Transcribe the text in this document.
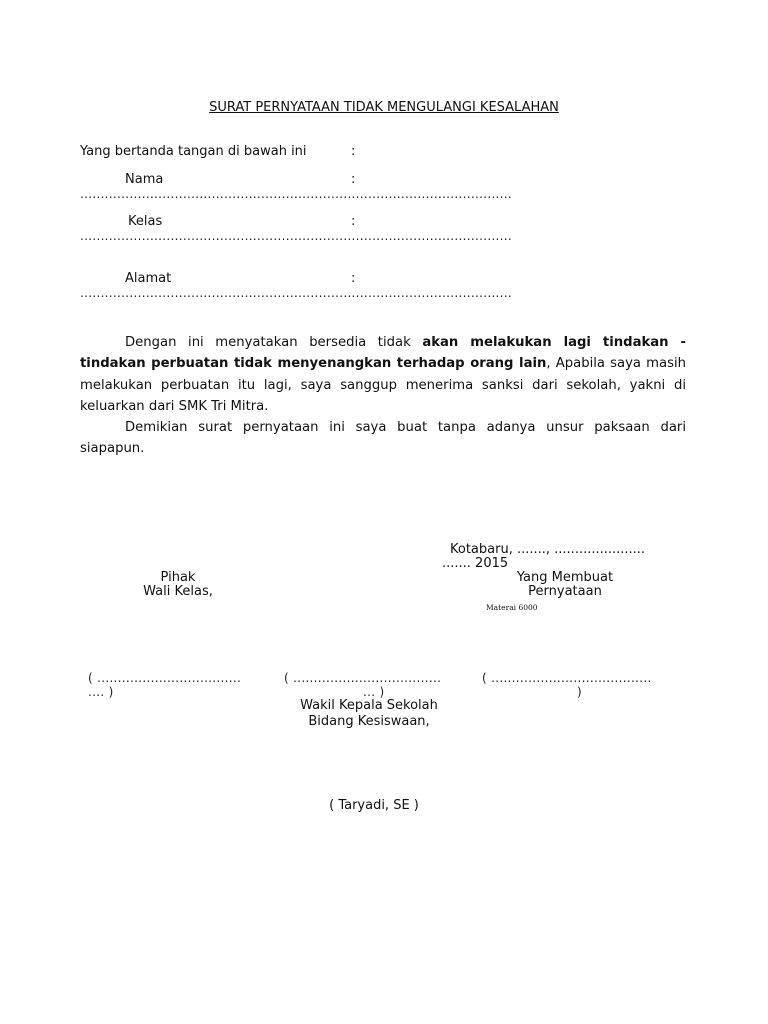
SURAT PERNYATAAN TIDAK MENGULANGI KESALAHAN
Yang bertanda tangan di bawah ini	:
Nama	:
.........................................................................................................
Kelas	:
.........................................................................................................
Alamat	:
.........................................................................................................
Dengan ini menyatakan bersedia tidak akan melakukan lagi tindakan - tindakan perbuatan tidak menyenangkan terhadap orang lain, Apabila saya masih melakukan perbuatan itu lagi, saya sanggup menerima sanksi dari sekolah, yakni di keluarkan dari SMK Tri Mitra.
Demikian surat pernyataan ini saya buat tanpa adanya unsur paksaan dari siapapun.
Kotabaru, ......., ......................
....... 2015
Pihak
Wali Kelas,
Yang Membuat
Pernyataan
Materai 6000
( ...................................
.... )
( ....................................
... )
( .......................................
)
Wakil Kepala Sekolah
Bidang Kesiswaan,
( Taryadi, SE )
